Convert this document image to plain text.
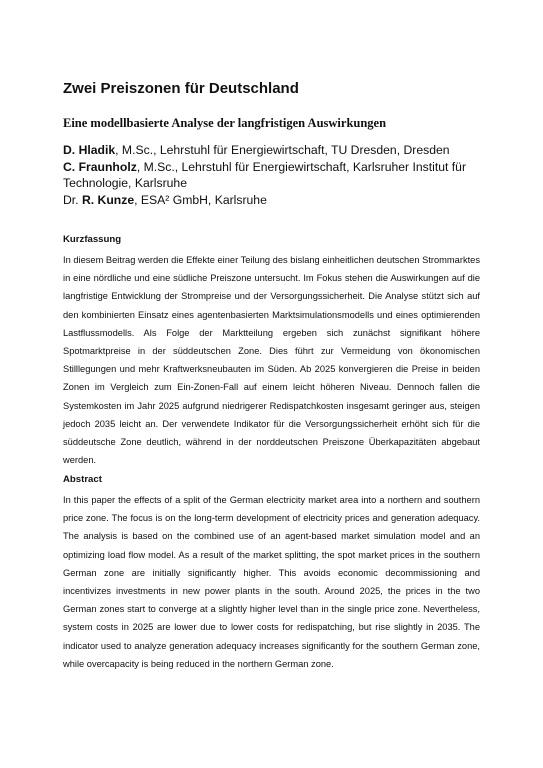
Zwei Preiszonen für Deutschland
Eine modellbasierte Analyse der langfristigen Auswirkungen
D. Hladik, M.Sc., Lehrstuhl für Energiewirtschaft, TU Dresden, Dresden
C. Fraunholz, M.Sc., Lehrstuhl für Energiewirtschaft, Karlsruher Institut für Technologie, Karlsruhe
Dr. R. Kunze, ESA² GmbH, Karlsruhe
Kurzfassung

In diesem Beitrag werden die Effekte einer Teilung des bislang einheitlichen deutschen Strommarktes in eine nördliche und eine südliche Preiszone untersucht. Im Fokus stehen die Auswirkungen auf die langfristige Entwicklung der Strompreise und der Versorgungssicherheit. Die Analyse stützt sich auf den kombinierten Einsatz eines agentenbasierten Marktsimulationsmodells und eines optimierenden Lastflussmodells. Als Folge der Marktteilung ergeben sich zunächst signifikant höhere Spotmarktpreise in der süddeutschen Zone. Dies führt zur Vermeidung von ökonomischen Stilllegungen und mehr Kraftwerksneubauten im Süden. Ab 2025 konvergieren die Preise in beiden Zonen im Vergleich zum Ein-Zonen-Fall auf einem leicht höheren Niveau. Dennoch fallen die Systemkosten im Jahr 2025 aufgrund niedrigerer Redispatchkosten insgesamt geringer aus, steigen jedoch 2035 leicht an. Der verwendete Indikator für die Versorgungssicherheit erhöht sich für die süddeutsche Zone deutlich, während in der norddeutschen Preiszone Überkapazitäten abgebaut werden.

Abstract

In this paper the effects of a split of the German electricity market area into a northern and southern price zone. The focus is on the long-term development of electricity prices and generation adequacy. The analysis is based on the combined use of an agent-based market simulation model and an optimizing load flow model. As a result of the market splitting, the spot market prices in the southern German zone are initially significantly higher. This avoids economic decommissioning and incentivizes investments in new power plants in the south. Around 2025, the prices in the two German zones start to converge at a slightly higher level than in the single price zone. Nevertheless, system costs in 2025 are lower due to lower costs for redispatching, but rise slightly in 2035. The indicator used to analyze generation adequacy increases significantly for the southern German zone, while overcapacity is being reduced in the northern German zone.
